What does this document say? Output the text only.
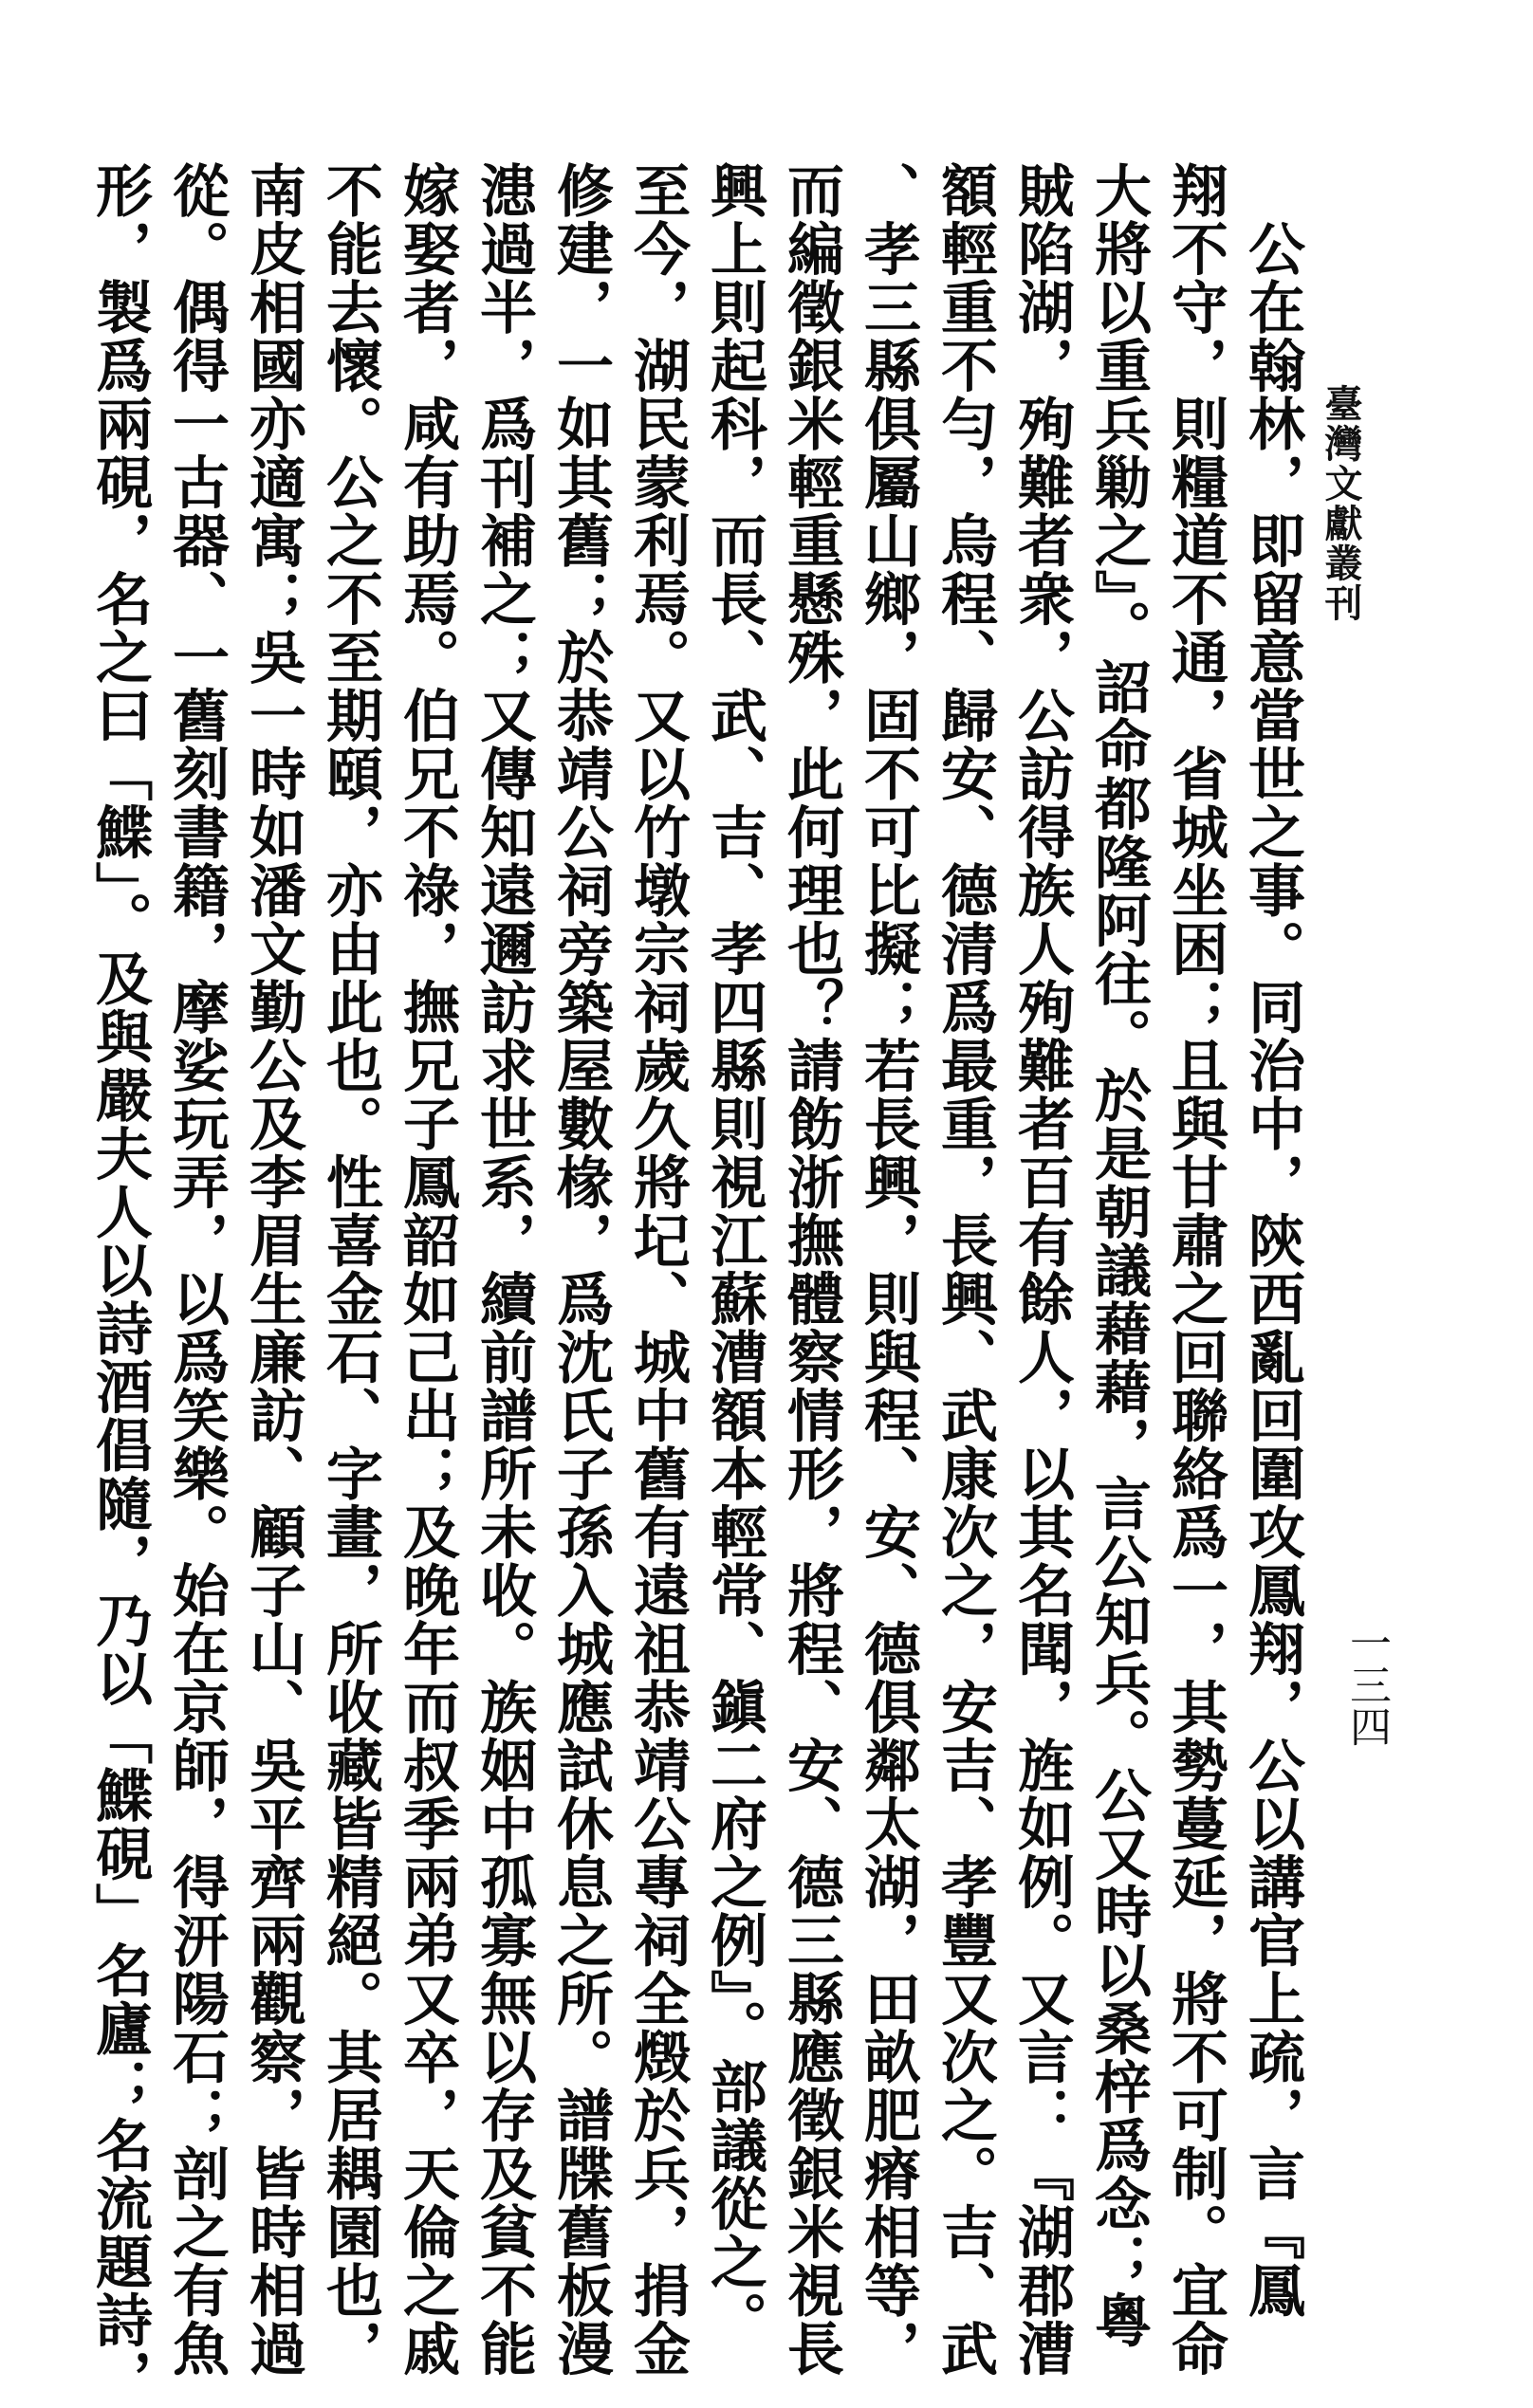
臺灣文獻叢刊
一三四
　公在翰林，即留意當世之事。同治中，陝西亂回圍攻鳳翔，公以講官上疏，言『鳳
翔不守，則糧道不通，省城坐困；且與甘肅之回聯絡爲一，其勢蔓延，將不可制。宜命
大將以重兵勦之』。詔命都隆阿往。於是朝議藉藉，言公知兵。公又時以桑梓爲念；粵
賊陷湖，殉難者衆，公訪得族人殉難者百有餘人，以其名聞，旌如例。又言：『湖郡漕
額輕重不勻，烏程、歸安、德清爲最重，長興、武康次之，安吉、孝豐又次之。吉、武
、孝三縣俱屬山鄉，固不可比擬；若長興，則與程、安、德俱鄰太湖，田畝肥瘠相等，
而編徵銀米輕重懸殊，此何理也？請飭浙撫體察情形，將程、安、德三縣應徵銀米視長
興上則起科，而長、武、吉、孝四縣則視江蘇漕額本輕常、鎭二府之例』。部議從之。
至今，湖民蒙利焉。又以竹墩宗祠歲久將圮、城中舊有遠祖恭靖公專祠全燬於兵，捐金
修建，一如其舊；於恭靖公祠旁築屋數椽，爲沈氏子孫入城應試休息之所。譜牒舊板漫
漶過半，爲刊補之；又傳知遠邇訪求世系，續前譜所未收。族姻中孤寡無以存及貧不能
嫁娶者，咸有助焉。伯兄不祿，撫兄子鳳韶如己出；及晚年而叔季兩弟又卒，天倫之戚
不能去懷。公之不至期頤，亦由此也。性喜金石、字畫，所收藏皆精絕。其居耦園也，
南皮相國亦適寓；吳一時如潘文勤公及李眉生廉訪、顧子山、吳平齊兩觀察，皆時相過
從。偶得一古器、一舊刻書籍，摩娑玩弄，以爲笑樂。始在京師，得汧陽石；剖之有魚
形，製爲兩硯，名之曰「鰈」。及與嚴夫人以詩酒倡隨，乃以「鰈硯」名廬；名流題詩，
